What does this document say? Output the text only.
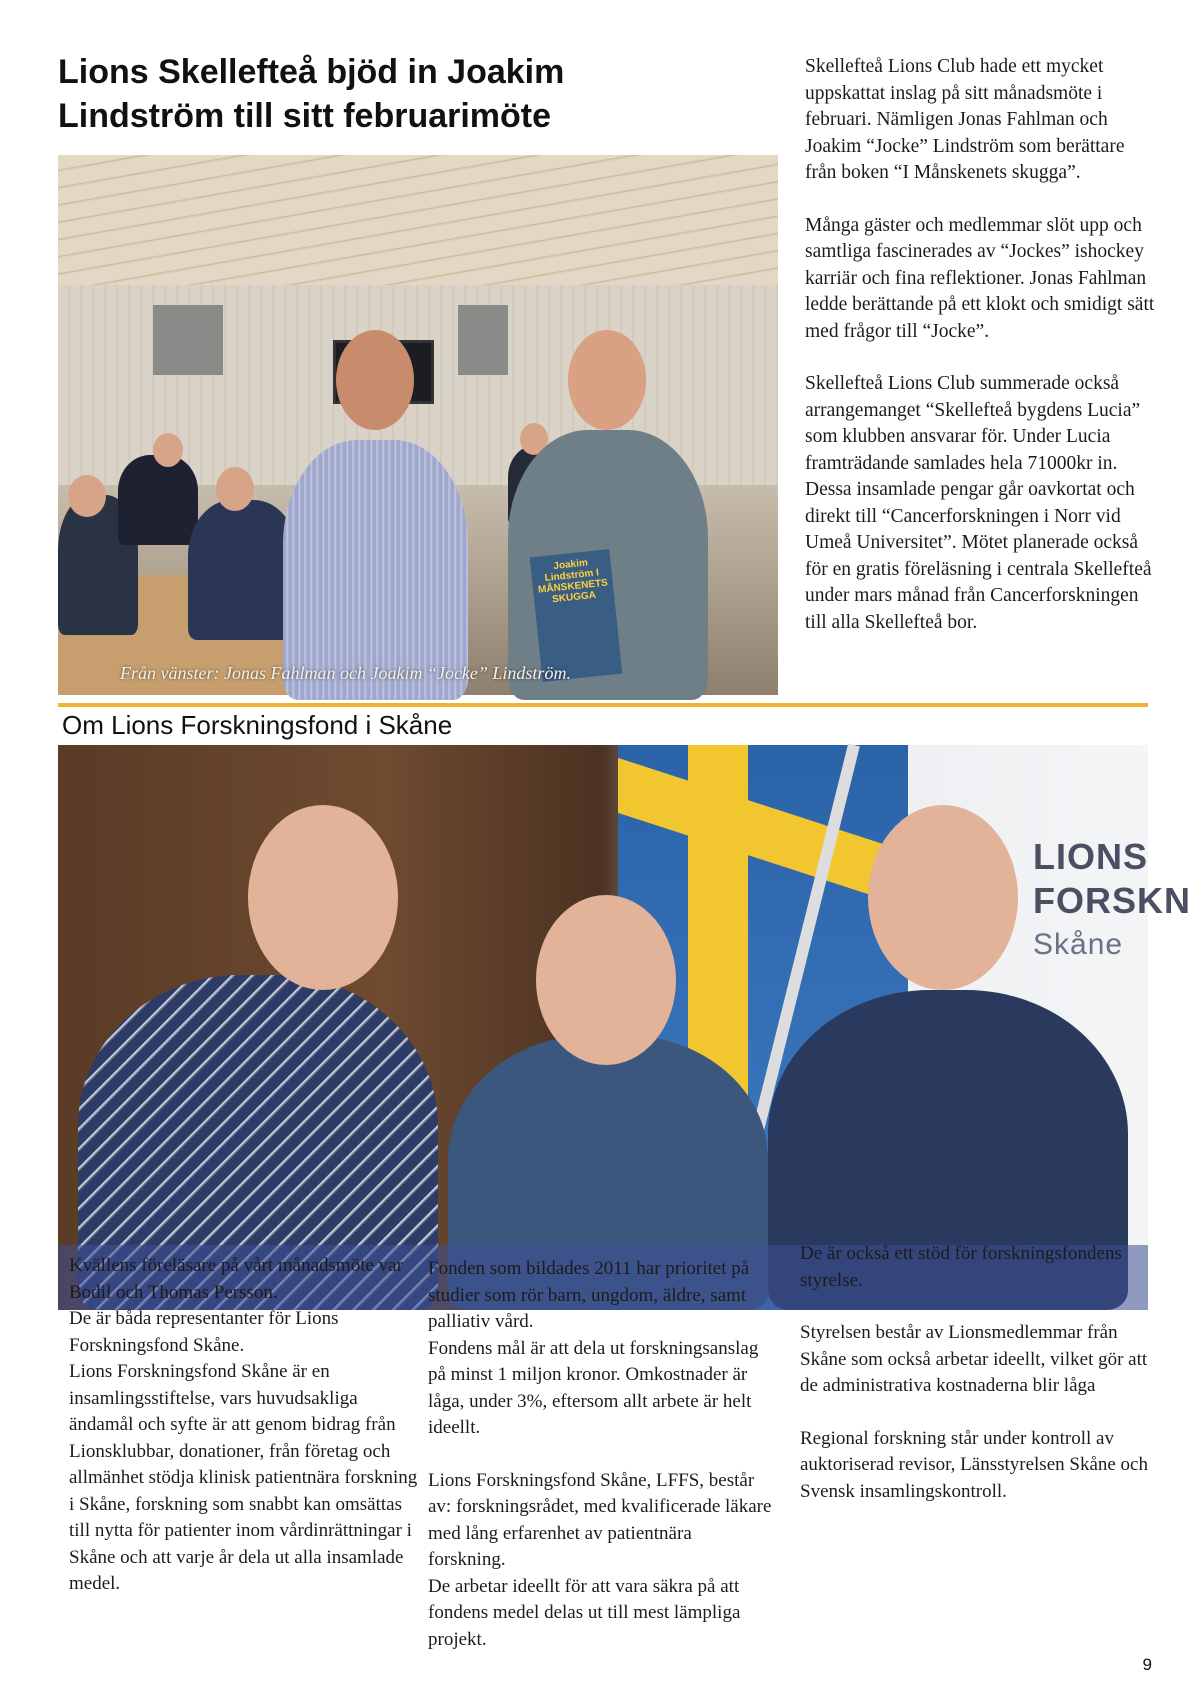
Lions Skellefteå bjöd in Joakim Lindström till sitt februarimöte
Joakim Lindström I MÅNSKENETS SKUGGA
Från vänster: Jonas Fahlman och Joakim “Jocke” Lindström.

Skellefteå Lions Club hade ett mycket uppskattat inslag på sitt månadsmöte i februari. Nämligen Jonas Fahlman och Joakim “Jocke” Lindström som berättare från boken “I Månskenets skugga”.

Många gäster och medlemmar slöt upp och samtliga fascinerades av “Jockes” ishockey karriär och fina reflektioner. Jonas Fahlman ledde berättande på ett klokt och smidigt sätt med frågor till “Jocke”.

Skellefteå Lions Club summerade också arrangemanget “Skellefteå bygdens Lucia” som klubben ansvarar för. Under Lucia framträdande samlades hela 71000kr in. Dessa insamlade pengar går oavkortat och direkt till “Cancerforskningen i Norr vid Umeå Universitet”. Mötet planerade också för en gratis föreläsning i centrala Skellefteå under mars månad från Cancerforskningen till alla Skellefteå bor.

Om Lions Forskningsfond i Skåne
LIONS
FORSKN
Skåne
Kvällens föreläsare på vårt månadsmöte var Bodil och Thomas Persson.
De är båda representanter för Lions Forskningsfond Skåne.
Lions Forskningsfond Skåne är en insamlingsstiftelse, vars huvudsakliga ändamål och syfte är att genom bidrag från Lionsklubbar, donationer, från företag och allmänhet stödja klinisk patientnära forskning i Skåne, forskning som snabbt kan omsättas till nytta för patienter inom vårdinrättningar i Skåne och att varje år dela ut alla insamlade medel.
Fonden som bildades 2011 har prioritet på studier som rör barn, ungdom, äldre, samt palliativ vård.
Fondens mål är att dela ut forskningsanslag på minst 1 miljon kronor. Omkostnader är låga, under 3%, eftersom allt arbete är helt ideellt.
Lions Forskningsfond Skåne, LFFS, består av: forskningsrådet, med kvalificerade läkare med lång erfarenhet av patientnära forskning.
De arbetar ideellt för att vara säkra på att fondens medel delas ut till mest lämpliga projekt.
De är också ett stöd för forskningsfondens styrelse.
Styrelsen består av Lionsmedlemmar från Skåne som också arbetar ideellt, vilket gör att de administrativa kostnaderna blir låga
Regional forskning står under kontroll av auktoriserad revisor, Länsstyrelsen Skåne och Svensk insamlingskontroll.
9
